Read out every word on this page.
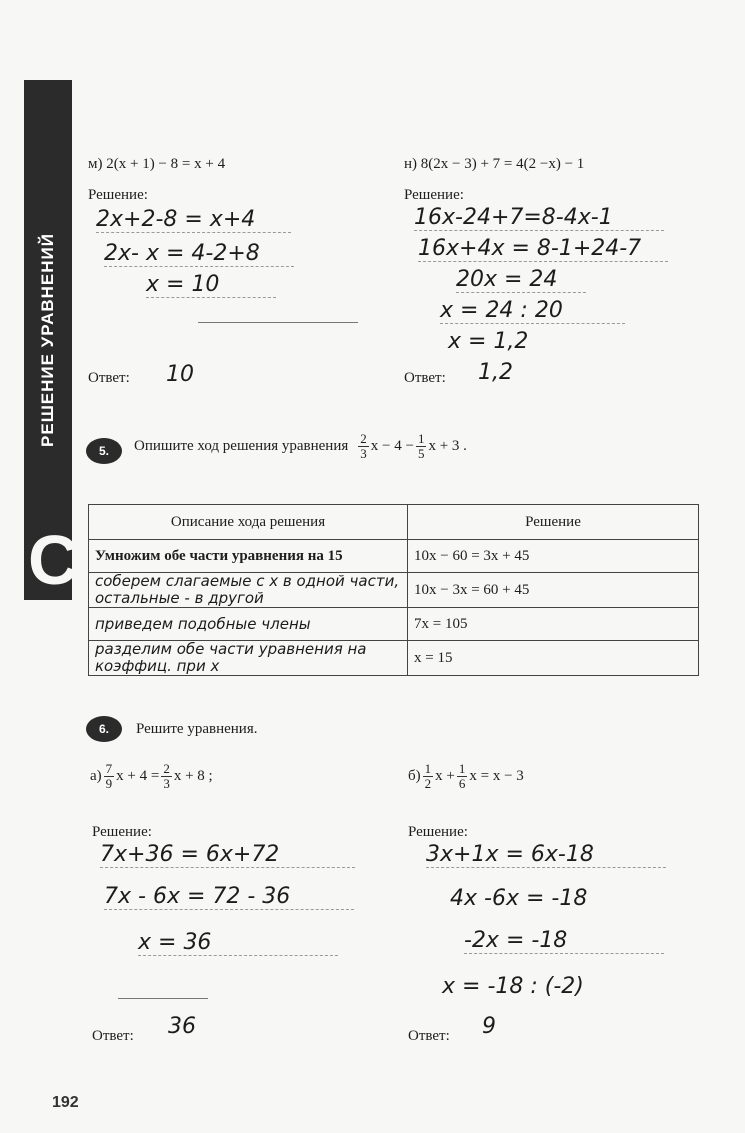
РЕШЕНИЕ УРАВНЕНИЙ
С
м) 2(x + 1) − 8 = x + 4
Решение:
2x+2-8 = x+4
2x- x = 4-2+8
x = 10
Ответ: 10
н) 8(2x − 3) + 7 = 4(2 −x) − 1
Решение:
16x-24+7=8-4x-1
16x+4x = 8-1+24-7
20x = 24
x = 24 : 20
x = 1,2
Ответ: 1,2
5.	Опишите ход решения уравнения $\frac{2}{3}$ $x - 4 - \frac{1}{5}$ x + 3 .
Описание хода решения	Решение
Умножим обе части уравнения на 15	10x − 60 = 3x + 45

соберем слагаемые с x в одной части, остальные - в другой	10x − 3x = 60 + 45

приведем подобные члены	7x = 105

разделим обе части уравнения на коэффиц. при x	x = 15
6.	Решите уравнения.
$а) \frac{7}{9}$ $x + 4 = \frac{2}{3}$ x + 8 ;
Решение:
7x+36 = 6x+72
7x - 6x = 72 - 36
x = 36
Ответ: 36
$б) \frac{1}{2}$ $x + \frac{1}{6}$ x = x − 3
Решение:
3x+1x = 6x-18
4x -6x = -18
-2x = -18
x = -18 : (-2)
Ответ: 9
192
